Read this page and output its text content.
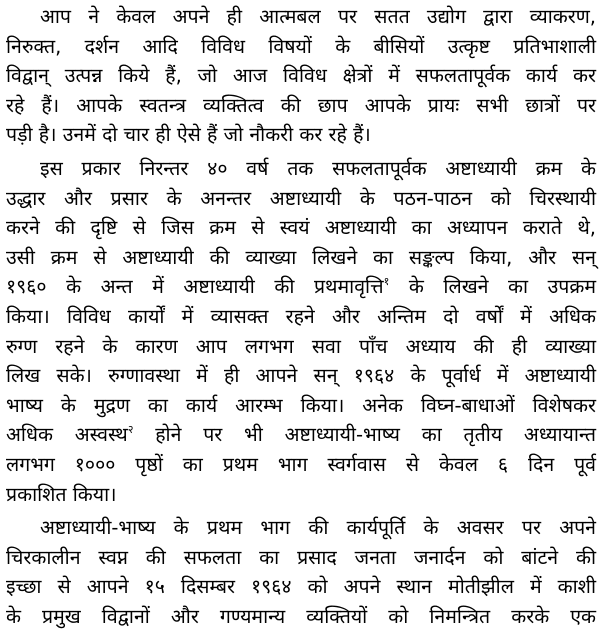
आप ने केवल अपने ही आत्मबल पर सतत उद्योग द्वारा व्याकरण,
निरुक्त, दर्शन आदि विविध विषयों के बीसियों उत्कृष्ट प्रतिभाशाली
विद्वान् उत्पन्न किये हैं, जो आज विविध क्षेत्रों में सफलतापूर्वक कार्य कर
रहे हैं। आपके स्वतन्त्र व्यक्तित्व की छाप आपके प्रायः सभी छात्रों पर
पड़ी है। उनमें दो चार ही ऐसे हैं जो नौकरी कर रहे हैं।
इस प्रकार निरन्तर ४० वर्ष तक सफलतापूर्वक अष्टाध्यायी क्रम के
उद्धार और प्रसार के अनन्तर अष्टाध्यायी के पठन-पाठन को चिरस्थायी
करने की दृष्टि से जिस क्रम से स्वयं अष्टाध्यायी का अध्यापन कराते थे,
उसी क्रम से अष्टाध्यायी की व्याख्या लिखने का सङ्कल्प किया, और सन्
१९६० के अन्त में अष्टाध्यायी की प्रथमावृत्ति$^१$ के लिखने का उपक्रम
किया। विविध कार्यों में व्यासक्त रहने और अन्तिम दो वर्षों में अधिक
रुग्ण रहने के कारण आप लगभग सवा पाँच अध्याय की ही व्याख्या
लिख सके। रुग्णावस्था में ही आपने सन् १९६४ के पूर्वार्ध में अष्टाध्यायी
भाष्य के मुद्रण का कार्य आरम्भ किया। अनेक विघ्न-बाधाओं विशेषकर
अधिक अस्वस्थ$^२$ होने पर भी अष्टाध्यायी-भाष्य का तृतीय अध्यायान्त
लगभग १००० पृष्ठों का प्रथम भाग स्वर्गवास से केवल ६ दिन पूर्व
प्रकाशित किया।
अष्टाध्यायी-भाष्य के प्रथम भाग की कार्यपूर्ति के अवसर पर अपने
चिरकालीन स्वप्न की सफलता का प्रसाद जनता जनार्दन को बांटने की
इच्छा से आपने १५ दिसम्बर १९६४ को अपने स्थान मोतीझील में काशी
के प्रमुख विद्वानों और गण्यमान्य व्यक्तियों को निमन्त्रित करके एक
